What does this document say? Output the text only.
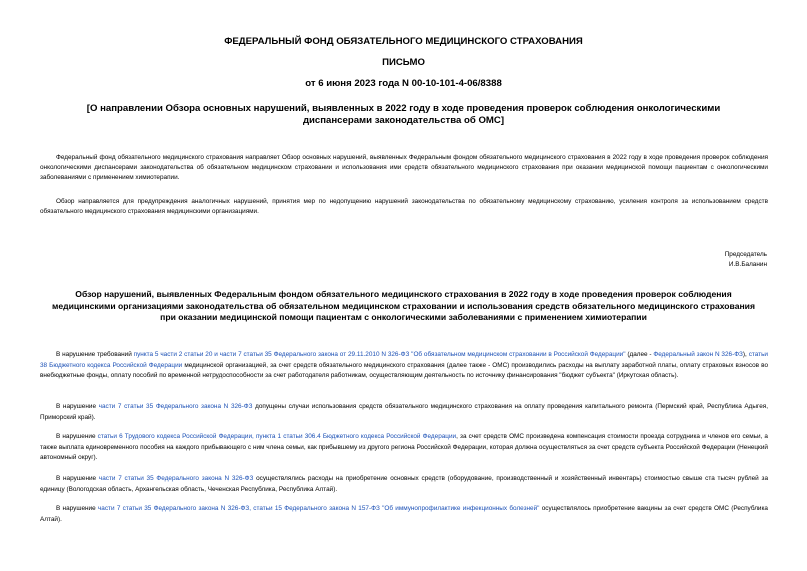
ФЕДЕРАЛЬНЫЙ ФОНД ОБЯЗАТЕЛЬНОГО МЕДИЦИНСКОГО СТРАХОВАНИЯ
ПИСЬМО
от 6 июня 2023 года N 00-10-101-4-06/8388
[О направлении Обзора основных нарушений, выявленных в 2022 году в ходе проведения проверок соблюдения онкологическими диспансерами законодательства об ОМС]

Федеральный фонд обязательного медицинского страхования направляет Обзор основных нарушений, выявленных Федеральным фондом обязательного медицинского страхования в 2022 году в ходе проведения проверок соблюдения онкологическими диспансерами законодательства об обязательном медицинском страховании и использования ими средств обязательного медицинского страхования при оказании медицинской помощи пациентам с онкологическими заболеваниями с применением химиотерапии.

Обзор направляется для предупреждения аналогичных нарушений, принятия мер по недопущению нарушений законодательства по обязательному медицинскому страхованию, усиления контроля за использованием средств обязательного медицинского страхования медицинскими организациями.

Председатель
И.В.Баланин
Обзор нарушений, выявленных Федеральным фондом обязательного медицинского страхования в 2022 году в ходе проведения проверок соблюдения медицинскими организациями законодательства об обязательном медицинском страховании и использования средств обязательного медицинского страхования при оказании медицинской помощи пациентам с онкологическими заболеваниями с применением химиотерапии

В нарушение требований пункта 5 части 2 статьи 20 и части 7 статьи 35 Федерального закона от 29.11.2010 N 326-ФЗ "Об обязательном медицинском страховании в Российской Федерации" (далее - Федеральный закон N 326-ФЗ), статьи 38 Бюджетного кодекса Российской Федерации медицинской организацией, за счет средств обязательного медицинского страхования (далее также - ОМС) производились расходы на выплату заработной платы, оплату страховых взносов во внебюджетные фонды, оплату пособий по временной нетрудоспособности за счет работодателя работникам, осуществляющим деятельность по источнику финансирования "бюджет субъекта" (Иркутская область).

В нарушение части 7 статьи 35 Федерального закона N 326-ФЗ допущены случаи использования средств обязательного медицинского страхования на оплату проведения капитального ремонта (Пермский край, Республика Адыгея, Приморский край).

В нарушение статьи 6 Трудового кодекса Российской Федерации, пункта 1 статьи 306.4 Бюджетного кодекса Российской Федерации, за счет средств ОМС произведена компенсация стоимости проезда сотрудника и членов его семьи, а также выплата единовременного пособия на каждого прибывающего с ним члена семьи, как прибывшему из другого региона Российской Федерации, которая должна осуществляться за счет средств субъекта Российской Федерации (Ненецкий автономный округ).

В нарушение части 7 статьи 35 Федерального закона N 326-ФЗ осуществлялись расходы на приобретение основных средств (оборудование, производственный и хозяйственный инвентарь) стоимостью свыше ста тысяч рублей за единицу (Вологодская область, Архангельская область, Чеченская Республика, Республика Алтай).

В нарушение части 7 статьи 35 Федерального закона N 326-ФЗ, статьи 15 Федерального закона N 157-ФЗ "Об иммунопрофилактике инфекционных болезней" осуществлялось приобретение вакцины за счет средств ОМС (Республика Алтай).
